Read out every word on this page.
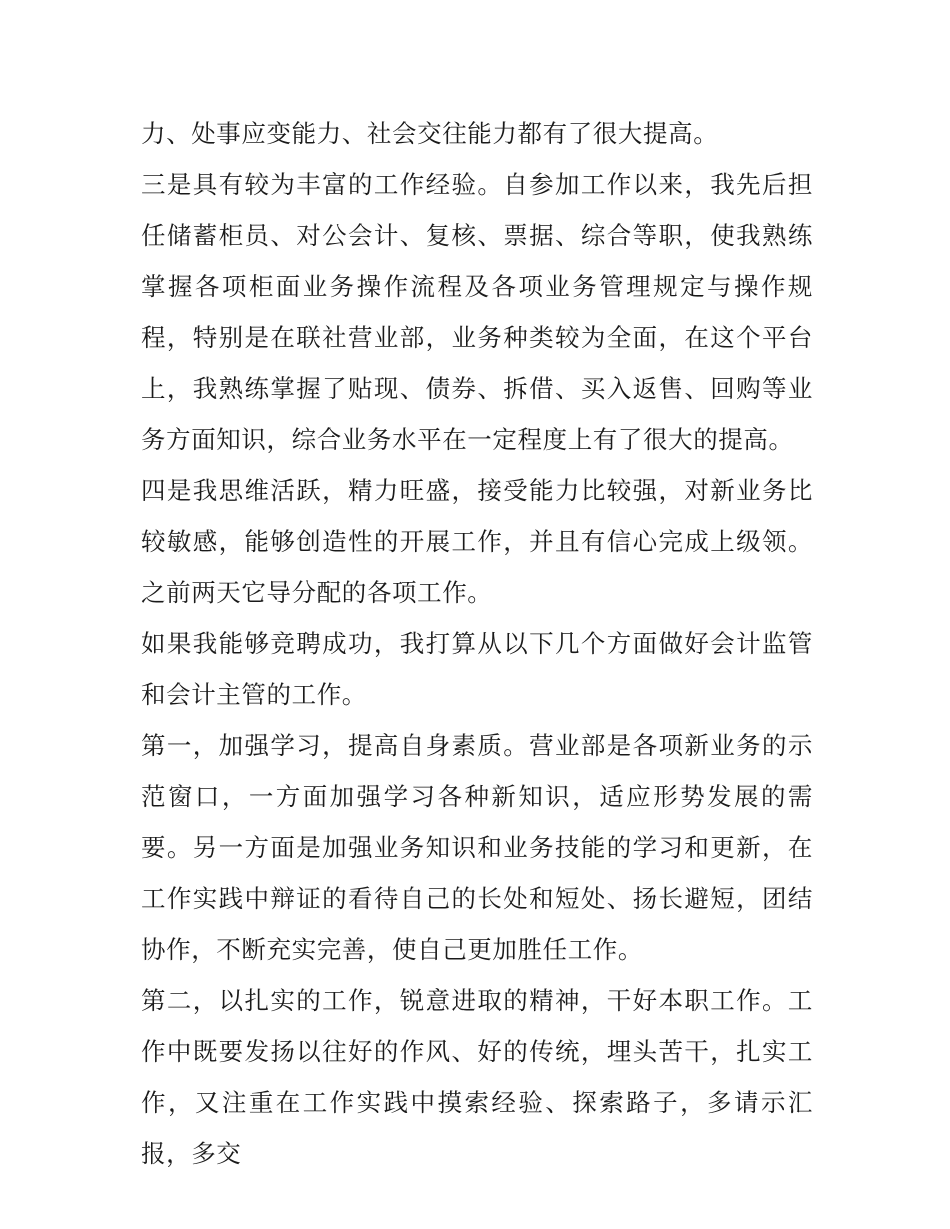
力、处事应变能力、社会交往能力都有了很大提高。

三是具有较为丰富的工作经验。自参加工作以来，我先后担任储蓄柜员、对公会计、复核、票据、综合等职，使我熟练掌握各项柜面业务操作流程及各项业务管理规定与操作规程，特别是在联社营业部，业务种类较为全面，在这个平台上，我熟练掌握了贴现、债券、拆借、买入返售、回购等业务方面知识，综合业务水平在一定程度上有了很大的提高。

四是我思维活跃，精力旺盛，接受能力比较强，对新业务比较敏感，能够创造性的开展工作，并且有信心完成上级领。之前两天它导分配的各项工作。

如果我能够竞聘成功，我打算从以下几个方面做好会计监管和会计主管的工作。

第一，加强学习，提高自身素质。营业部是各项新业务的示范窗口，一方面加强学习各种新知识，适应形势发展的需要。另一方面是加强业务知识和业务技能的学习和更新，在工作实践中辩证的看待自己的长处和短处、扬长避短，团结协作，不断充实完善，使自己更加胜任工作。

第二，以扎实的工作，锐意进取的精神，干好本职工作。工作中既要发扬以往好的作风、好的传统，埋头苦干，扎实工作，又注重在工作实践中摸索经验、探索路子，多请示汇报，多交
